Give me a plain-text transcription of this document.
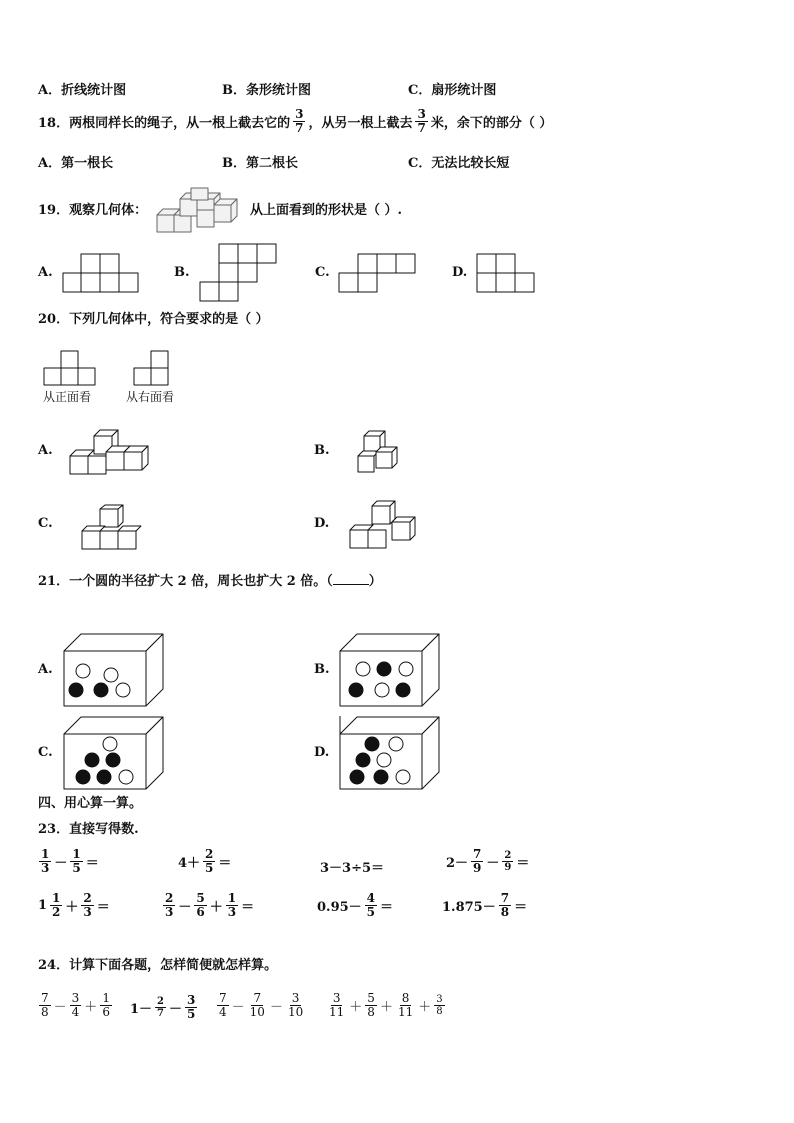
A．折线统计图	B．条形统计图	C．扇形统计图
18．两根同样长的绳子，从一根上截去它的 $\frac{3}{7}$ ，从另一根上截去 $\frac{3}{7}$ 米，余下的部分（ ）
A．第一根长	B．第二根长	C．无法比较长短
19．观察几何体：	从上面看到的形状是（ ）.
A.	B.	C.	D.
20．下列几何体中，符合要求的是（ ）
从正面看	从右面看
A.	B.
C.	D.
21．一个圆的半径扩大 2 倍，周长也扩大 2 倍。（	）
A.	B.
C.	D.
四、用心算一算。
23．直接写得数.
$\frac{1}{3} - \frac{1}{5}$ ＝	$4+ \frac{2}{5}$ ＝	3－3÷5＝	$2- \frac{7}{9} - \frac{2}{9}$ ＝
$1 \frac{1}{2} + \frac{2}{3}$ ＝	$\frac{2}{3} - \frac{5}{6} + \frac{1}{3}$ ＝	$0.95- \frac{4}{5}$ ＝	$1.875- \frac{7}{8}$ ＝
24．计算下面各题，怎样简便就怎样算。
$\frac{7}{8} - \frac{3}{4} + \frac{1}{6} 1- \frac{2}{7} - \frac{3}{5} \frac{7}{4} - \frac{7}{10} - \frac{3}{10} \frac{3}{11} + \frac{5}{8} + \frac{8}{11} + \frac{3}{8}$
